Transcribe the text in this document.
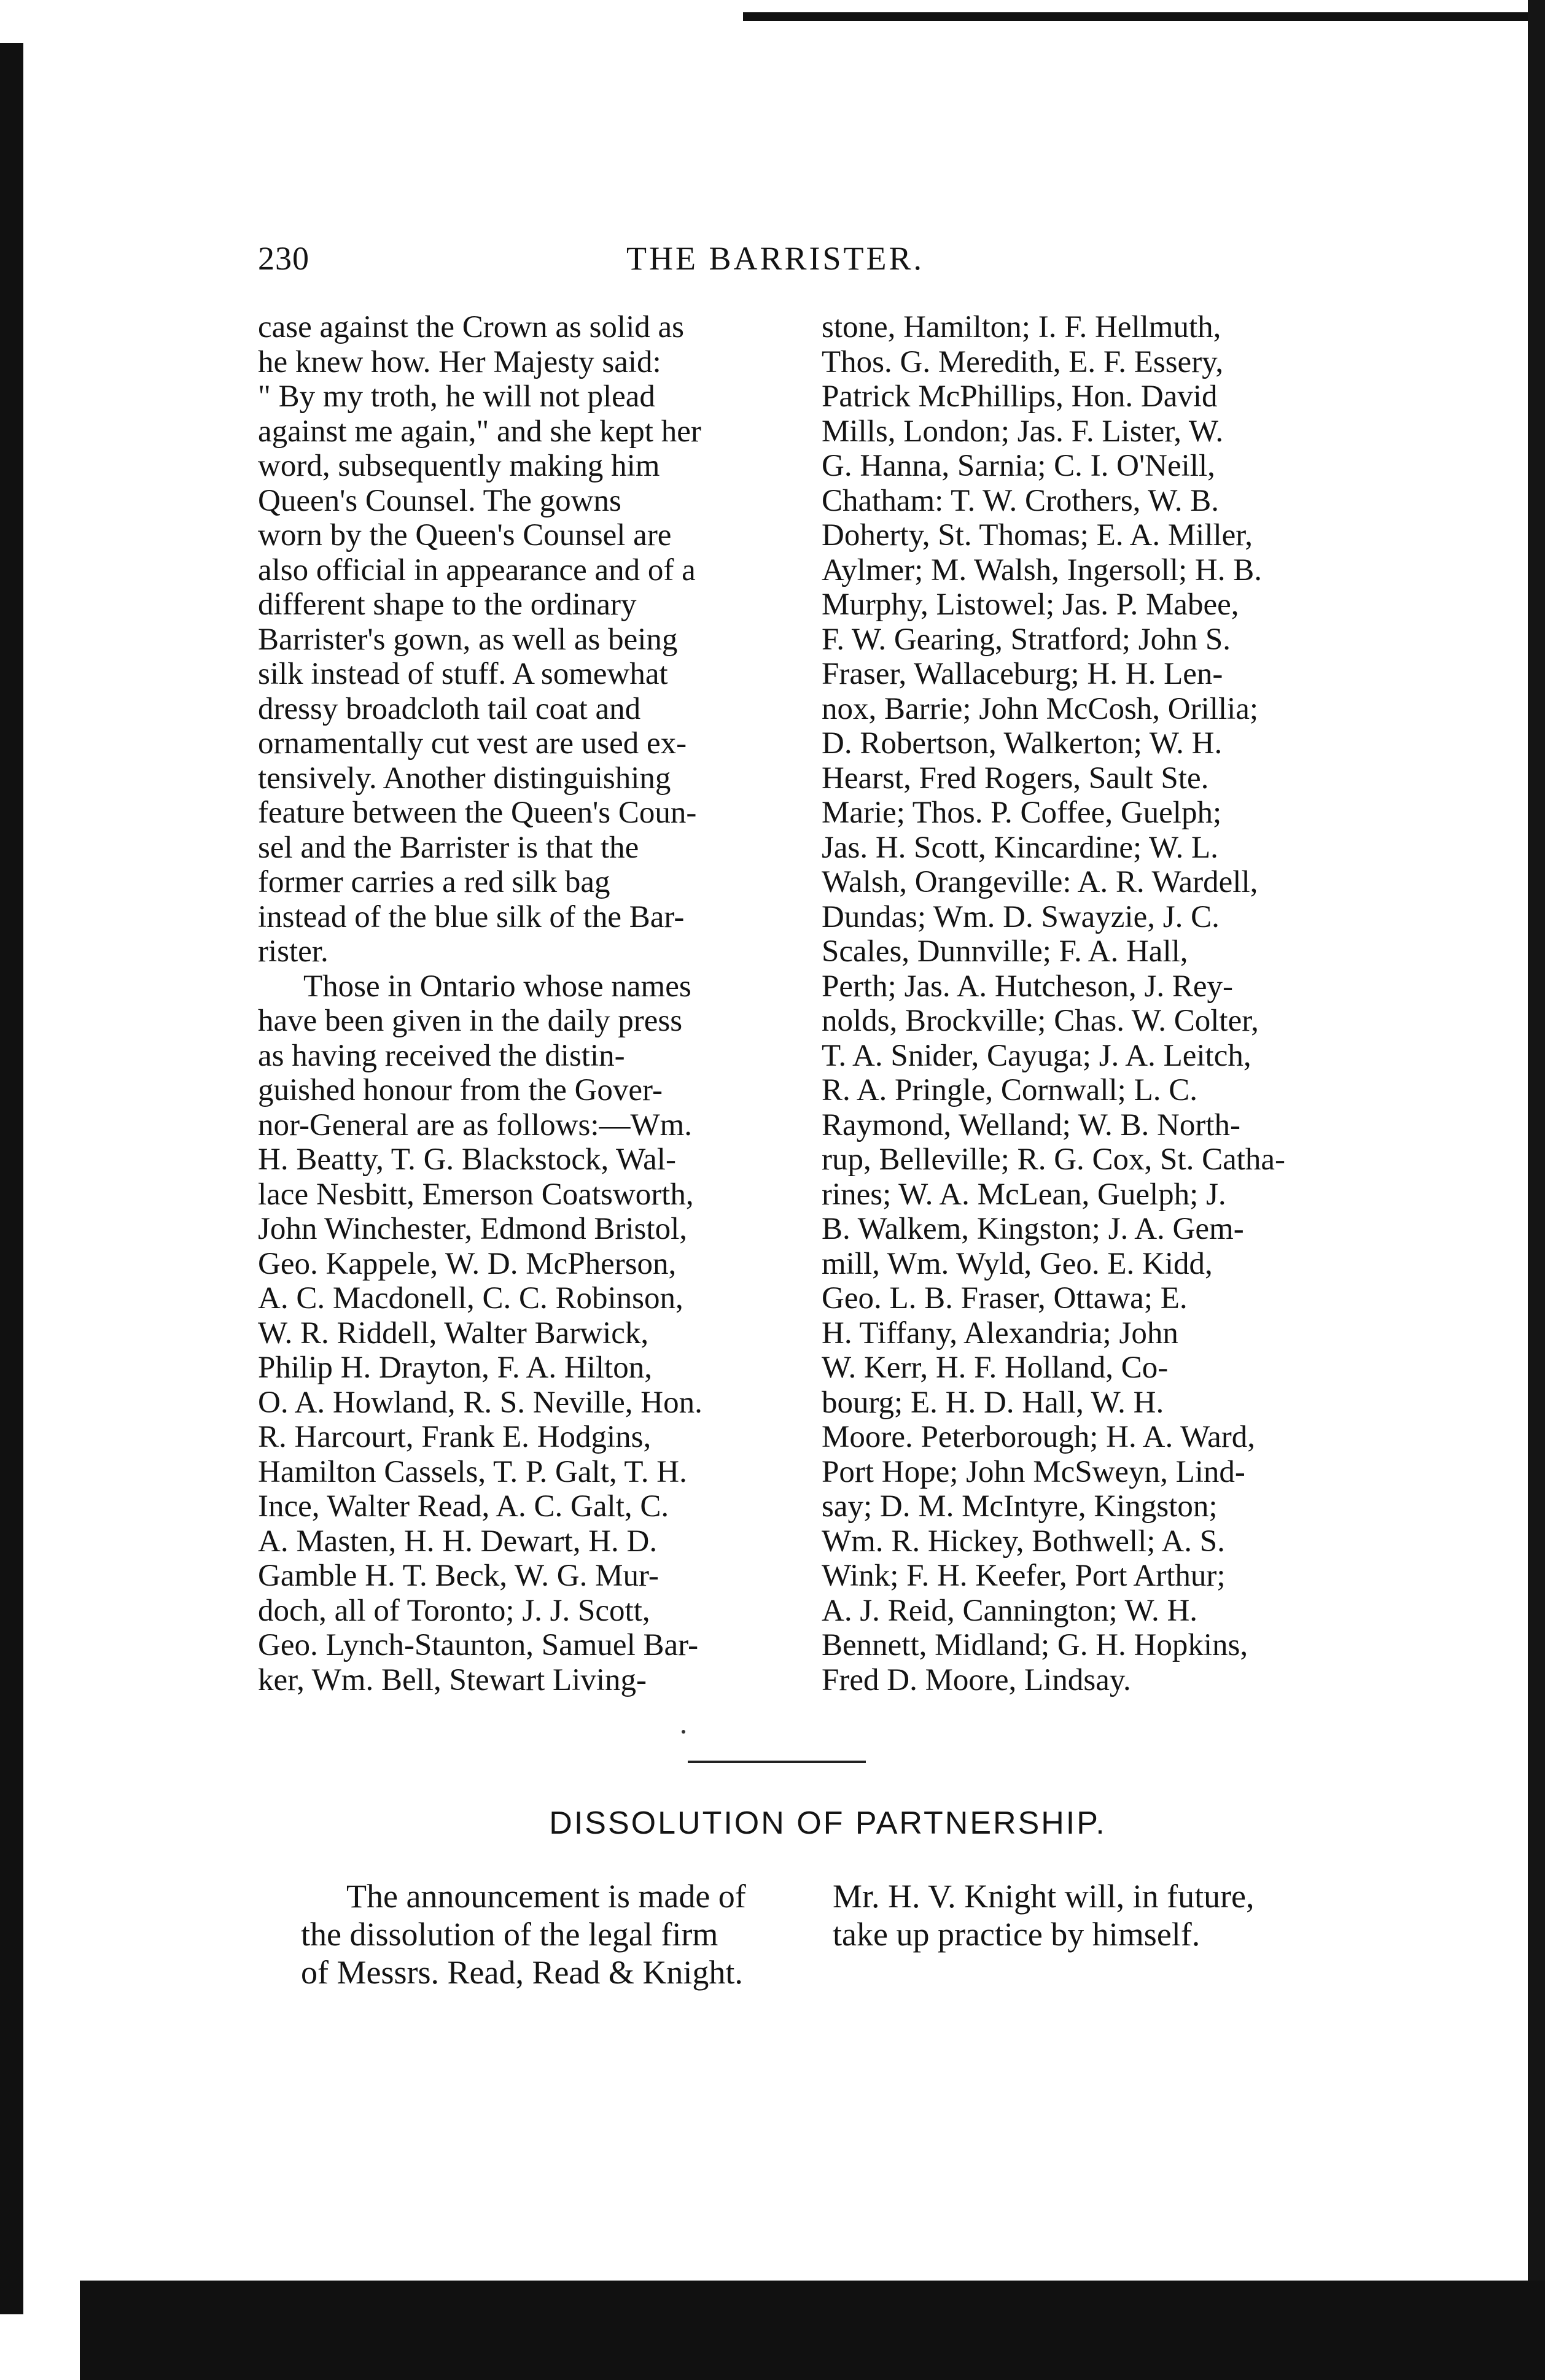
230	THE BARRISTER.

case against the Crown as solid as
he knew how. Her Majesty said:
" By my troth, he will not plead
against me again," and she kept her
word, subsequently making him
Queen's Counsel. The gowns
worn by the Queen's Counsel are
also official in appearance and of a
different shape to the ordinary
Barrister's gown, as well as being
silk instead of stuff. A somewhat
dressy broadcloth tail coat and
ornamentally cut vest are used ex-
tensively. Another distinguishing
feature between the Queen's Coun-
sel and the Barrister is that the
former carries a red silk bag
instead of the blue silk of the Bar-
rister.

Those in Ontario whose names
have been given in the daily press
as having received the distin-
guished honour from the Gover-
nor-General are as follows:—Wm.
H. Beatty, T. G. Blackstock, Wal-
lace Nesbitt, Emerson Coatsworth,
John Winchester, Edmond Bristol,
Geo. Kappele, W. D. McPherson,
A. C. Macdonell, C. C. Robinson,
W. R. Riddell, Walter Barwick,
Philip H. Drayton, F. A. Hilton,
O. A. Howland, R. S. Neville, Hon.
R. Harcourt, Frank E. Hodgins,
Hamilton Cassels, T. P. Galt, T. H.
Ince, Walter Read, A. C. Galt, C.
A. Masten, H. H. Dewart, H. D.
Gamble H. T. Beck, W. G. Mur-
doch, all of Toronto; J. J. Scott,
Geo. Lynch-Staunton, Samuel Bar-
ker, Wm. Bell, Stewart Living-

stone, Hamilton; I. F. Hellmuth,
Thos. G. Meredith, E. F. Essery,
Patrick McPhillips, Hon. David
Mills, London; Jas. F. Lister, W.
G. Hanna, Sarnia; C. I. O'Neill,
Chatham: T. W. Crothers, W. B.
Doherty, St. Thomas; E. A. Miller,
Aylmer; M. Walsh, Ingersoll; H. B.
Murphy, Listowel; Jas. P. Mabee,
F. W. Gearing, Stratford; John S.
Fraser, Wallaceburg; H. H. Len-
nox, Barrie; John McCosh, Orillia;
D. Robertson, Walkerton; W. H.
Hearst, Fred Rogers, Sault Ste.
Marie; Thos. P. Coffee, Guelph;
Jas. H. Scott, Kincardine; W. L.
Walsh, Orangeville: A. R. Wardell,
Dundas; Wm. D. Swayzie, J. C.
Scales, Dunnville; F. A. Hall,
Perth; Jas. A. Hutcheson, J. Rey-
nolds, Brockville; Chas. W. Colter,
T. A. Snider, Cayuga; J. A. Leitch,
R. A. Pringle, Cornwall; L. C.
Raymond, Welland; W. B. North-
rup, Belleville; R. G. Cox, St. Catha-
rines; W. A. McLean, Guelph; J.
B. Walkem, Kingston; J. A. Gem-
mill, Wm. Wyld, Geo. E. Kidd,
Geo. L. B. Fraser, Ottawa; E.
H. Tiffany, Alexandria; John
W. Kerr, H. F. Holland, Co-
bourg; E. H. D. Hall, W. H.
Moore. Peterborough; H. A. Ward,
Port Hope; John McSweyn, Lind-
say; D. M. McIntyre, Kingston;
Wm. R. Hickey, Bothwell; A. S.
Wink; F. H. Keefer, Port Arthur;
A. J. Reid, Cannington; W. H.
Bennett, Midland; G. H. Hopkins,
Fred D. Moore, Lindsay.

DISSOLUTION OF PARTNERSHIP.
The announcement is made of
the dissolution of the legal firm
of Messrs. Read, Read & Knight.
Mr. H. V. Knight will, in future,
take up practice by himself.
